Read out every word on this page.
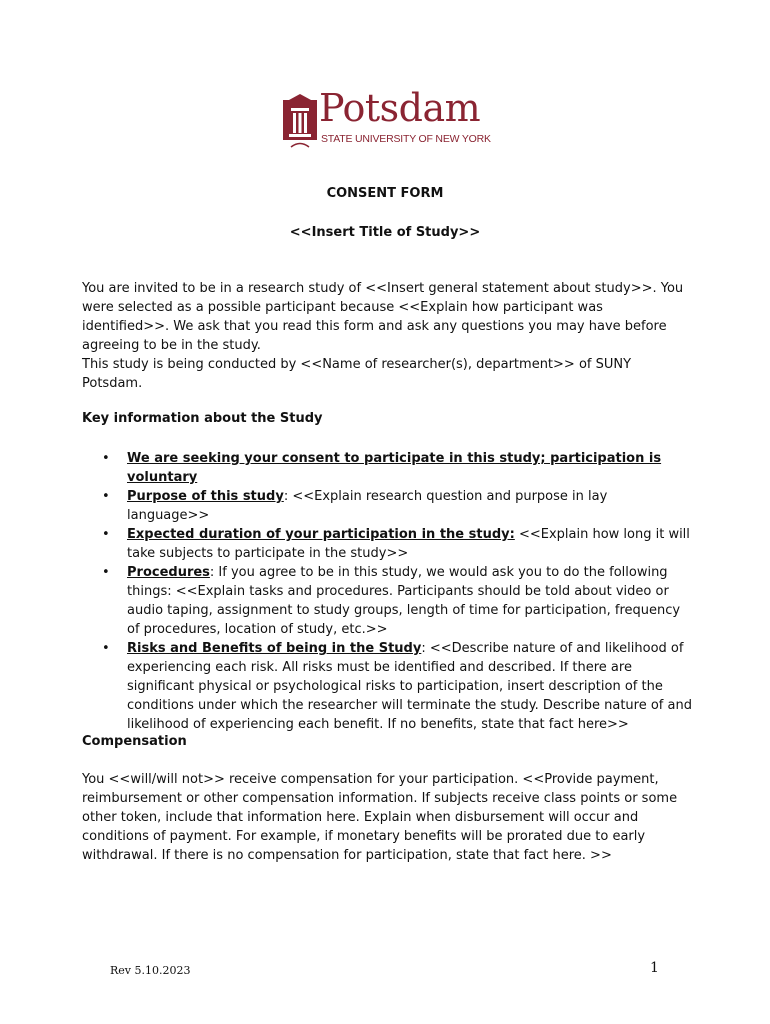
Potsdam
STATE UNIVERSITY OF NEW YORK
CONSENT FORM
<<Insert Title of Study>>

You are invited to be in a research study of <<Insert general statement about study>>. You were selected as a possible participant because <<Explain how participant was identified>>. We ask that you read this form and ask any questions you may have before agreeing to be in the study.

This study is being conducted by <<Name of researcher(s), department>> of SUNY Potsdam.

Key information about the Study

• We are seeking your consent to participate in this study; participation is voluntary
• Purpose of this study: <<Explain research question and purpose in lay language>>
• Expected duration of your participation in the study: <<Explain how long it will take subjects to participate in the study>>
• Procedures: If you agree to be in this study, we would ask you to do the following things: <<Explain tasks and procedures. Participants should be told about video or audio taping, assignment to study groups, length of time for participation, frequency of procedures, location of study, etc.>>
• Risks and Benefits of being in the Study: <<Describe nature of and likelihood of experiencing each risk. All risks must be identified and described. If there are significant physical or psychological risks to participation, insert description of the conditions under which the researcher will terminate the study. Describe nature of and likelihood of experiencing each benefit. If no benefits, state that fact here>>

Compensation

You <<will/will not>> receive compensation for your participation. <<Provide payment, reimbursement or other compensation information. If subjects receive class points or some other token, include that information here. Explain when disbursement will occur and conditions of payment. For example, if monetary benefits will be prorated due to early withdrawal. If there is no compensation for participation, state that fact here. >>

Rev 5.10.2023	1
